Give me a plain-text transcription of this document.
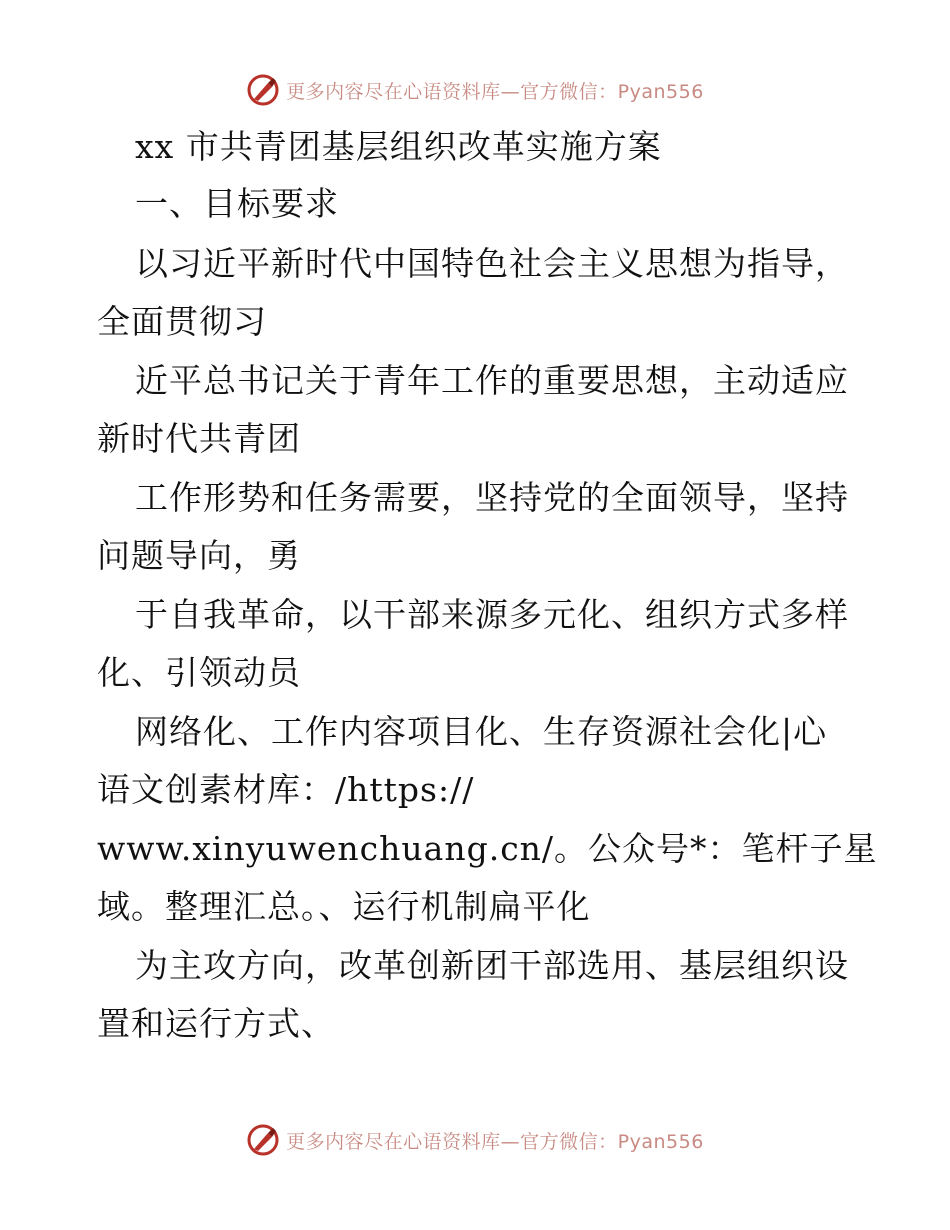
更多内容尽在心语资料库—官方微信：Pyan556
xx 市共青团基层组织改革实施方案
一、目标要求
以习近平新时代中国特色社会主义思想为指导，
全面贯彻习
近平总书记关于青年工作的重要思想，主动适应
新时代共青团
工作形势和任务需要，坚持党的全面领导，坚持
问题导向，勇
于自我革命，以干部来源多元化、组织方式多样
化、引领动员
网络化、工作内容项目化、生存资源社会化|心
语文创素材库：/https://
www.xinyuwenchuang.cn/。公众号*：笔杆子星
域。整理汇总。、运行机制扁平化
为主攻方向，改革创新团干部选用、基层组织设
置和运行方式、
更多内容尽在心语资料库—官方微信：Pyan556
